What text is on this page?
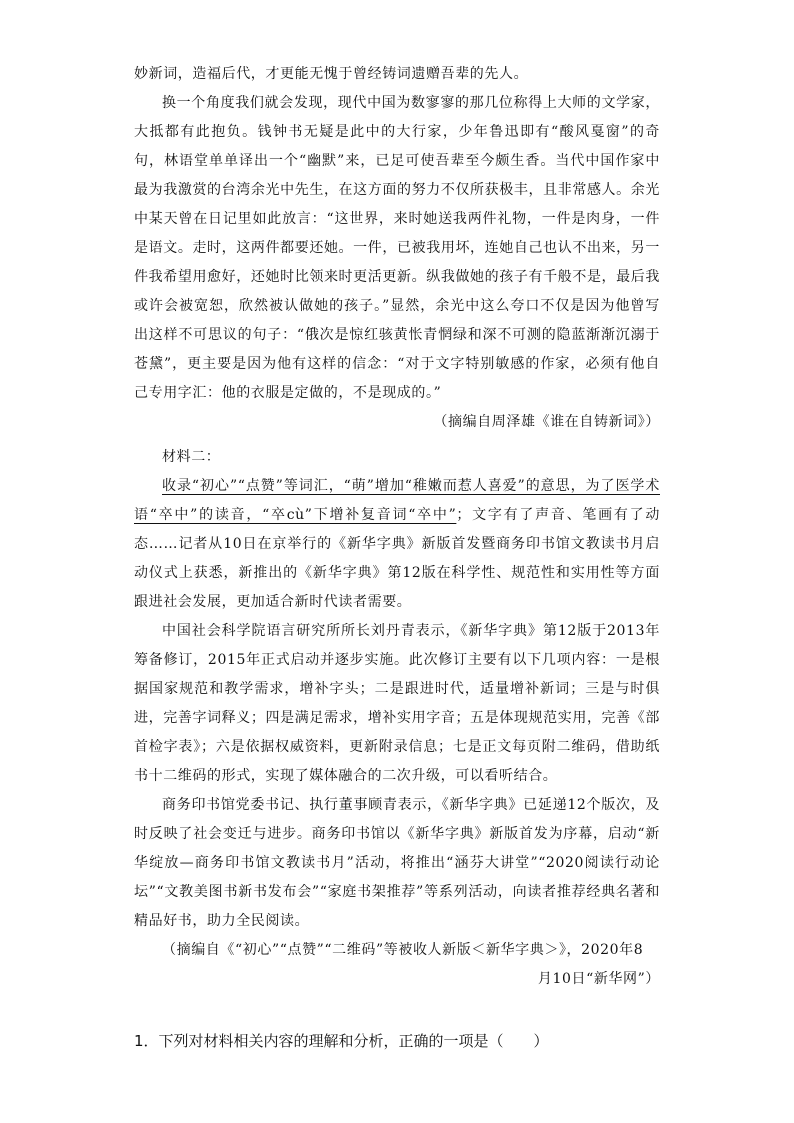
妙新词，造福后代，才更能无愧于曾经铸词遗赠吾辈的先人。

换一个角度我们就会发现，现代中国为数寥寥的那几位称得上大师的文学家，大抵都有此抱负。钱钟书无疑是此中的大行家，少年鲁迅即有“酸风戛窗”的奇句，林语堂单单译出一个“幽默”来，已足可使吾辈至今颇生香。当代中国作家中最为我激赏的台湾余光中先生，在这方面的努力不仅所获极丰，且非常感人。余光中某天曾在日记里如此放言：“这世界，来时她送我两件礼物，一件是肉身，一件是语文。走时，这两件都要还她。一件，已被我用坏，连她自己也认不出来，另一件我希望用愈好，还她时比领来时更活更新。纵我做她的孩子有千般不是，最后我或许会被宽恕，欣然被认做她的孩子。”显然，余光中这么夸口不仅是因为他曾写出这样不可思议的句子：“俄次是惊红骇黄怅青惘绿和深不可测的隐蓝渐渐沉溺于苍黛”，更主要是因为他有这样的信念：“对于文字特别敏感的作家，必须有他自己专用字汇：他的衣服是定做的，不是现成的。”

（摘编自周泽雄《谁在自铸新词》）

材料二：

收录“初心”“点赞”等词汇，“萌”增加“稚嫩而惹人喜爱”的意思，为了医学术语“卒中”的读音，“卒cù”下增补复音词“卒中”；文字有了声音、笔画有了动态……记者从10日在京举行的《新华字典》新版首发暨商务印书馆文教读书月启动仪式上获悉，新推出的《新华字典》第12版在科学性、规范性和实用性等方面跟进社会发展，更加适合新时代读者需要。

中国社会科学院语言研究所所长刘丹青表示，《新华字典》第12版于2013年筹备修订，2015年正式启动并逐步实施。此次修订主要有以下几项内容：一是根据国家规范和教学需求，增补字头；二是跟进时代，适量增补新词；三是与时俱进，完善字词释义；四是满足需求，增补实用字音；五是体现规范实用，完善《部首检字表》；六是依据权威资料，更新附录信息；七是正文每页附二维码，借助纸书十二维码的形式，实现了媒体融合的二次升级，可以看听结合。

商务印书馆党委书记、执行董事顾青表示，《新华字典》已延递12个版次，及时反映了社会变迁与进步。商务印书馆以《新华字典》新版首发为序幕，启动“新华绽放—商务印书馆文教读书月”活动，将推出“涵芬大讲堂”“2020阅读行动论坛”“文教美图书新书发布会”“家庭书架推荐”等系列活动，向读者推荐经典名著和精品好书，助力全民阅读。

（摘编自《“初心”“点赞”“二维码”等被收人新版＜新华字典＞》，2020年8

月10日“新华网”）

1．下列对材料相关内容的理解和分析，正确的一项是（　　）
